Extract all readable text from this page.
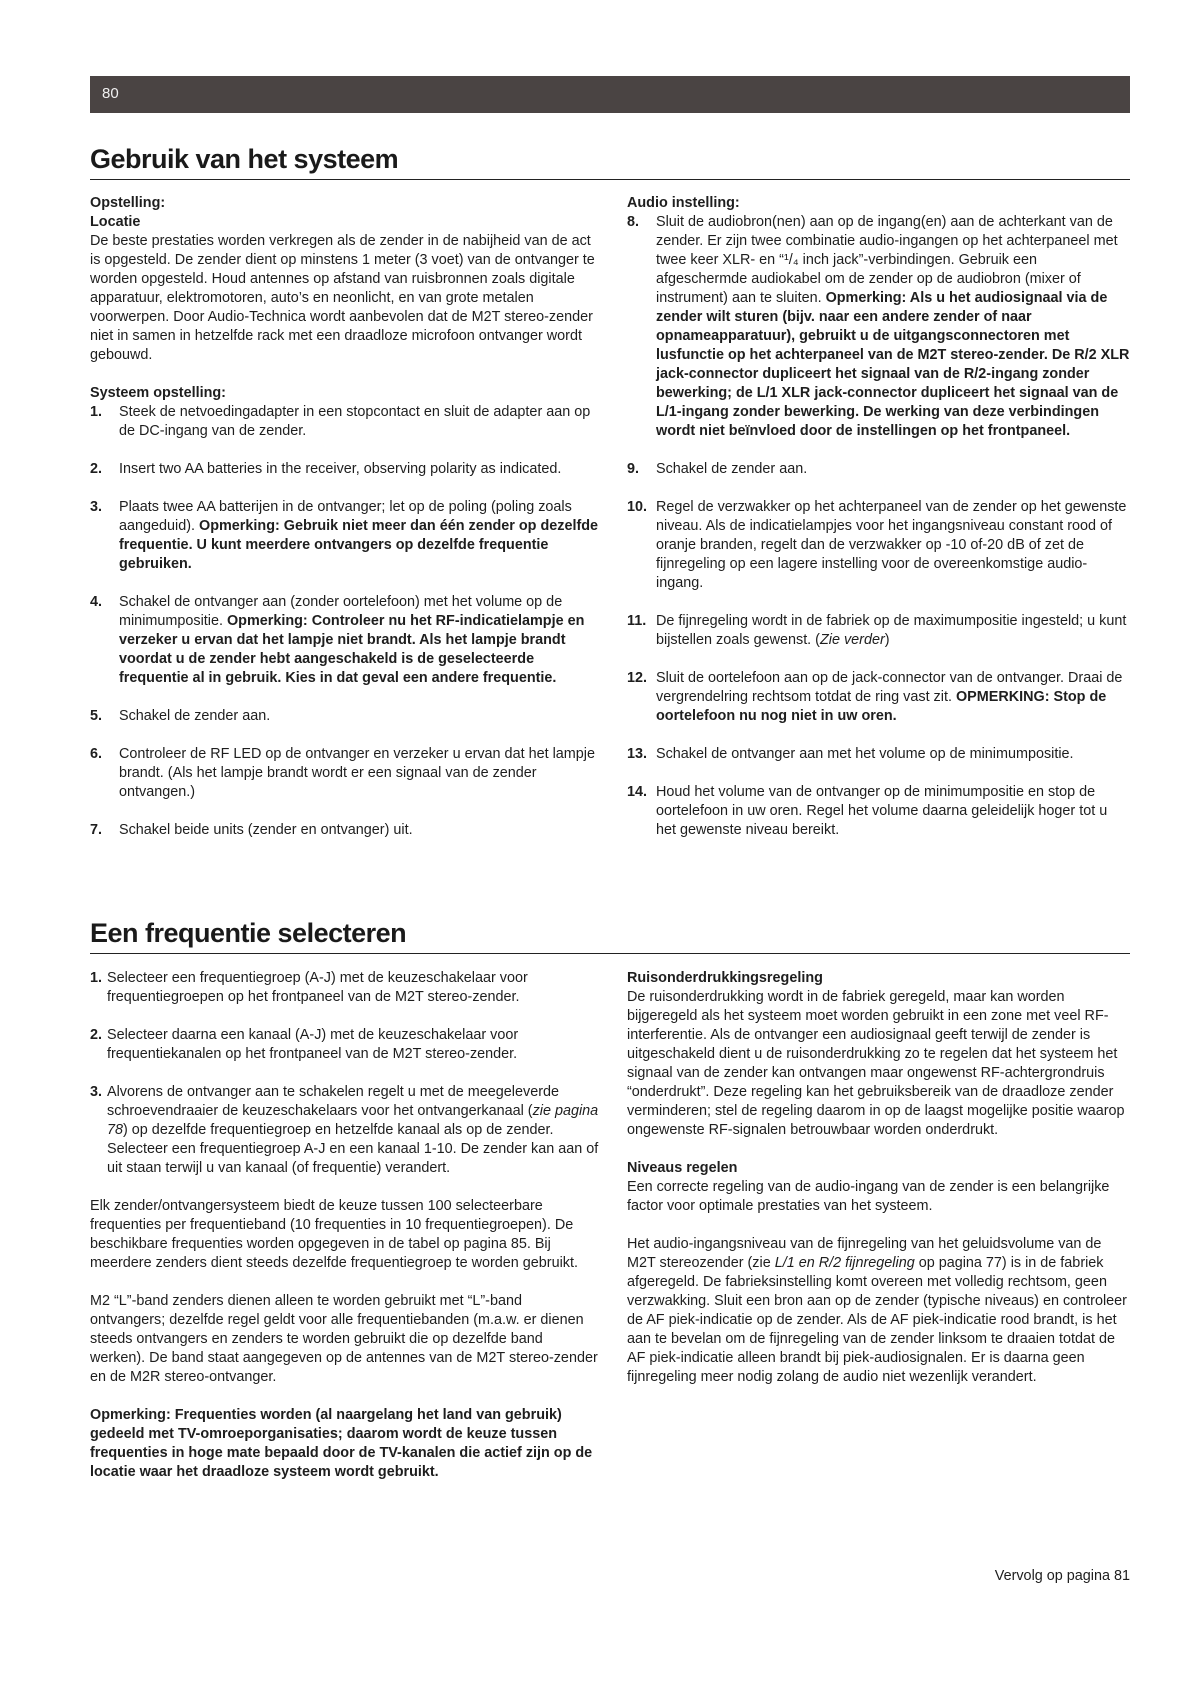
80
Gebruik van het systeem

Opstelling:

Locatie

De beste prestaties worden verkregen als de zender in de nabijheid van de act is opgesteld. De zender dient op minstens 1 meter (3 voet) van de ontvanger te worden opgesteld. Houd antennes op afstand van ruisbronnen zoals digitale apparatuur, elektromotoren, auto’s en neonlicht, en van grote metalen voorwerpen. Door Audio-Technica wordt aanbevolen dat de M2T stereo-zender niet in samen in hetzelfde rack met een draadloze microfoon ontvanger wordt gebouwd.

Systeem opstelling:

1.	Steek de netvoedingadapter in een stopcontact en sluit de adapter aan op de DC-ingang van de zender.
2.	Insert two AA batteries in the receiver, observing polarity as indicated.
3.	Plaats twee AA batterijen in de ontvanger; let op de poling (poling zoals aangeduid). Opmerking: Gebruik niet meer dan één zender op dezelfde frequentie. U kunt meerdere ontvangers op dezelfde frequentie gebruiken.
4.	Schakel de ontvanger aan (zonder oortelefoon) met het volume op de minimumpositie. Opmerking: Controleer nu het RF-indicatielampje en verzeker u ervan dat het lampje niet brandt. Als het lampje brandt voordat u de zender hebt aangeschakeld is de geselecteerde frequentie al in gebruik. Kies in dat geval een andere frequentie.
5.	Schakel de zender aan.
6.	Controleer de RF LED op de ontvanger en verzeker u ervan dat het lampje brandt. (Als het lampje brandt wordt er een signaal van de zender ontvangen.)
7.	Schakel beide units (zender en ontvanger) uit.

Audio instelling:

8.	Sluit de audiobron(nen) aan op de ingang(en) aan de achterkant van de zender. Er zijn twee combinatie audio-ingangen op het achterpaneel met twee keer XLR- en “¹/₄ inch jack”-verbindingen. Gebruik een afgeschermde audiokabel om de zender op de audiobron (mixer of instrument) aan te sluiten. Opmerking: Als u het audiosignaal via de zender wilt sturen (bijv. naar een andere zender of naar opnameapparatuur), gebruikt u de uitgangsconnectoren met lusfunctie op het achterpaneel van de M2T stereo-zender. De R/2 XLR jack-connector dupliceert het signaal van de R/2-ingang zonder bewerking; de L/1 XLR jack-connector dupliceert het signaal van de L/1-ingang zonder bewerking. De werking van deze verbindingen wordt niet beïnvloed door de instellingen op het frontpaneel.
9.	Schakel de zender aan.
10. Regel de verzwakker op het achterpaneel van de zender op het gewenste niveau. Als de indicatielampjes voor het ingangsniveau constant rood of oranje branden, regelt dan de verzwakker op -10 of-20 dB of zet de fijnregeling op een lagere instelling voor de overeenkomstige audio-ingang.
11. De fijnregeling wordt in de fabriek op de maximumpositie ingesteld; u kunt bijstellen zoals gewenst. (Zie verder)
12. Sluit de oortelefoon aan op de jack-connector van de ontvanger. Draai de vergrendelring rechtsom totdat de ring vast zit. OPMERKING: Stop de oortelefoon nu nog niet in uw oren.
13. Schakel de ontvanger aan met het volume op de minimumpositie.
14. Houd het volume van de ontvanger op de minimumpositie en stop de oortelefoon in uw oren. Regel het volume daarna geleidelijk hoger tot u het gewenste niveau bereikt.
Een frequentie selecteren
1. Selecteer een frequentiegroep (A-J) met de keuzeschakelaar voor frequentiegroepen op het frontpaneel van de M2T stereo-zender.
2. Selecteer daarna een kanaal (A-J) met de keuzeschakelaar voor frequentiekanalen op het frontpaneel van de M2T stereo-zender.
3. Alvorens de ontvanger aan te schakelen regelt u met de meegeleverde schroevendraaier de keuzeschakelaars voor het ontvangerkanaal (zie pagina 78) op dezelfde frequentiegroep en hetzelfde kanaal als op de zender. Selecteer een frequentiegroep A-J en een kanaal 1-10. De zender kan aan of uit staan terwijl u van kanaal (of frequentie) verandert.

Elk zender/ontvangersysteem biedt de keuze tussen 100 selecteerbare frequenties per frequentieband (10 frequenties in 10 frequentiegroepen). De beschikbare frequenties worden opgegeven in de tabel op pagina 85. Bij meerdere zenders dient steeds dezelfde frequentiegroep te worden gebruikt.

M2 “L”-band zenders dienen alleen te worden gebruikt met “L”-band ontvangers; dezelfde regel geldt voor alle frequentiebanden (m.a.w. er dienen steeds ontvangers en zenders te worden gebruikt die op dezelfde band werken). De band staat aangegeven op de antennes van de M2T stereo-zender en de M2R stereo-ontvanger.

Opmerking: Frequenties worden (al naargelang het land van gebruik) gedeeld met TV-omroeporganisaties; daarom wordt de keuze tussen frequenties in hoge mate bepaald door de TV-kanalen die actief zijn op de locatie waar het draadloze systeem wordt gebruikt.

Ruisonderdrukkingsregeling

De ruisonderdrukking wordt in de fabriek geregeld, maar kan worden bijgeregeld als het systeem moet worden gebruikt in een zone met veel RF-interferentie. Als de ontvanger een audiosignaal geeft terwijl de zender is uitgeschakeld dient u de ruisonderdrukking zo te regelen dat het systeem het signaal van de zender kan ontvangen maar ongewenst RF-achtergrondruis “onderdrukt”. Deze regeling kan het gebruiksbereik van de draadloze zender verminderen; stel de regeling daarom in op de laagst mogelijke positie waarop ongewenste RF-signalen betrouwbaar worden onderdrukt.

Niveaus regelen

Een correcte regeling van de audio-ingang van de zender is een belangrijke factor voor optimale prestaties van het systeem.

Het audio-ingangsniveau van de fijnregeling van het geluidsvolume van de M2T stereozender (zie L/1 en R/2 fijnregeling op pagina 77) is in de fabriek afgeregeld. De fabrieksinstelling komt overeen met volledig rechtsom, geen verzwakking. Sluit een bron aan op de zender (typische niveaus) en controleer de AF piek-indicatie op de zender. Als de AF piek-indicatie rood brandt, is het aan te bevelan om de fijnregeling van de zender linksom te draaien totdat de AF piek-indicatie alleen brandt bij piek-audiosignalen. Er is daarna geen fijnregeling meer nodig zolang de audio niet wezenlijk verandert.

Vervolg op pagina 81
